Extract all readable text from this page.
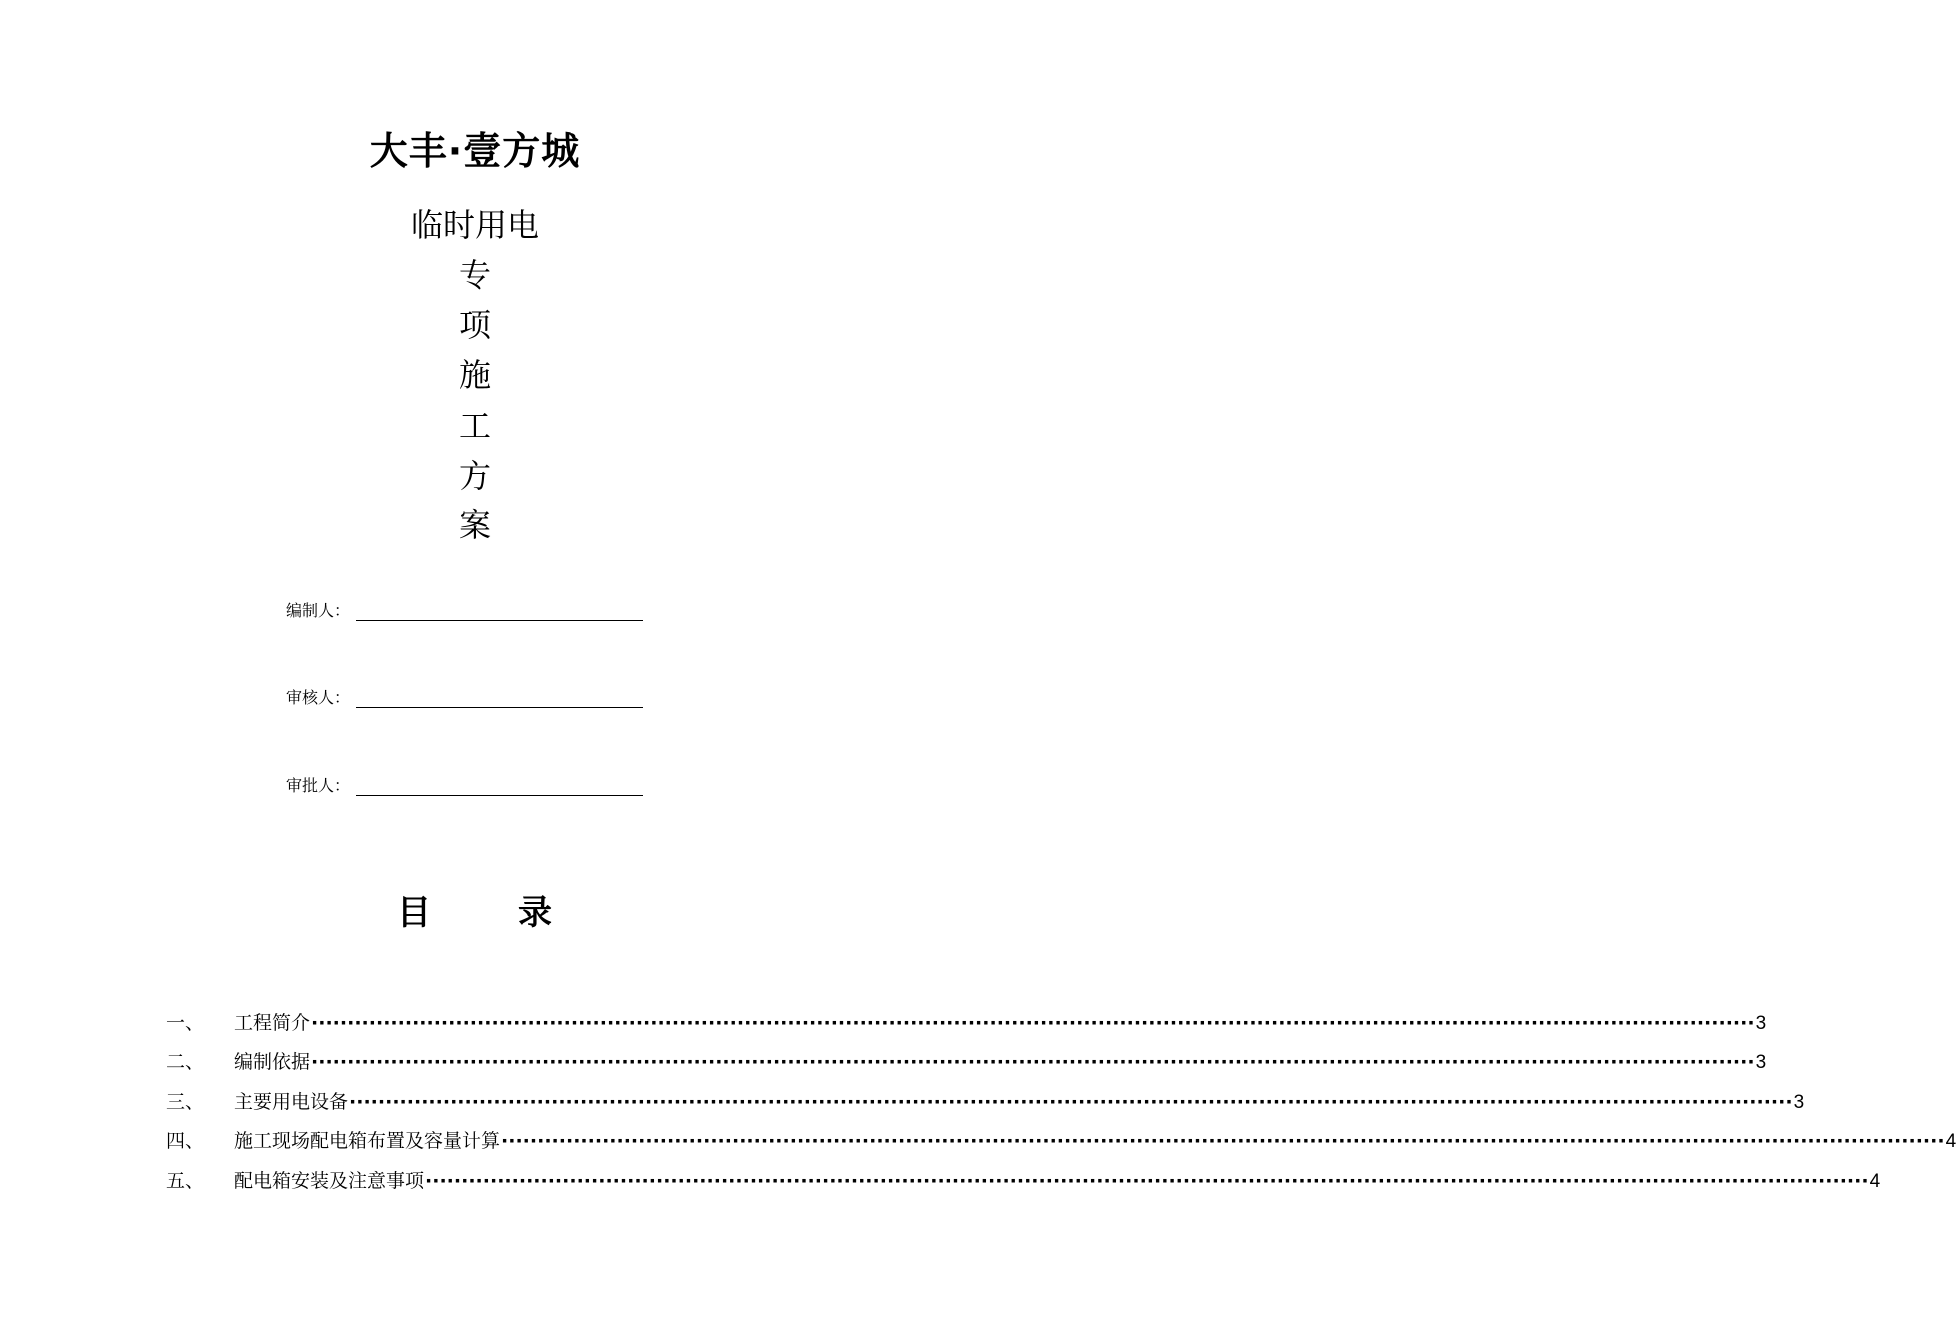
大丰·壹方城
临时用电
专
项
施
工
方
案
编制人：
审核人：
审批人：
目	录
一、	工程简介 ········································································································································································································ 3
二、	编制依据 ········································································································································································································ 3
三、	主要用电设备 ········································································································································································································ 3
四、	施工现场配电箱布置及容量计算 ········································································································································································································ 4
五、	配电箱安装及注意事项 ········································································································································································································ 4
